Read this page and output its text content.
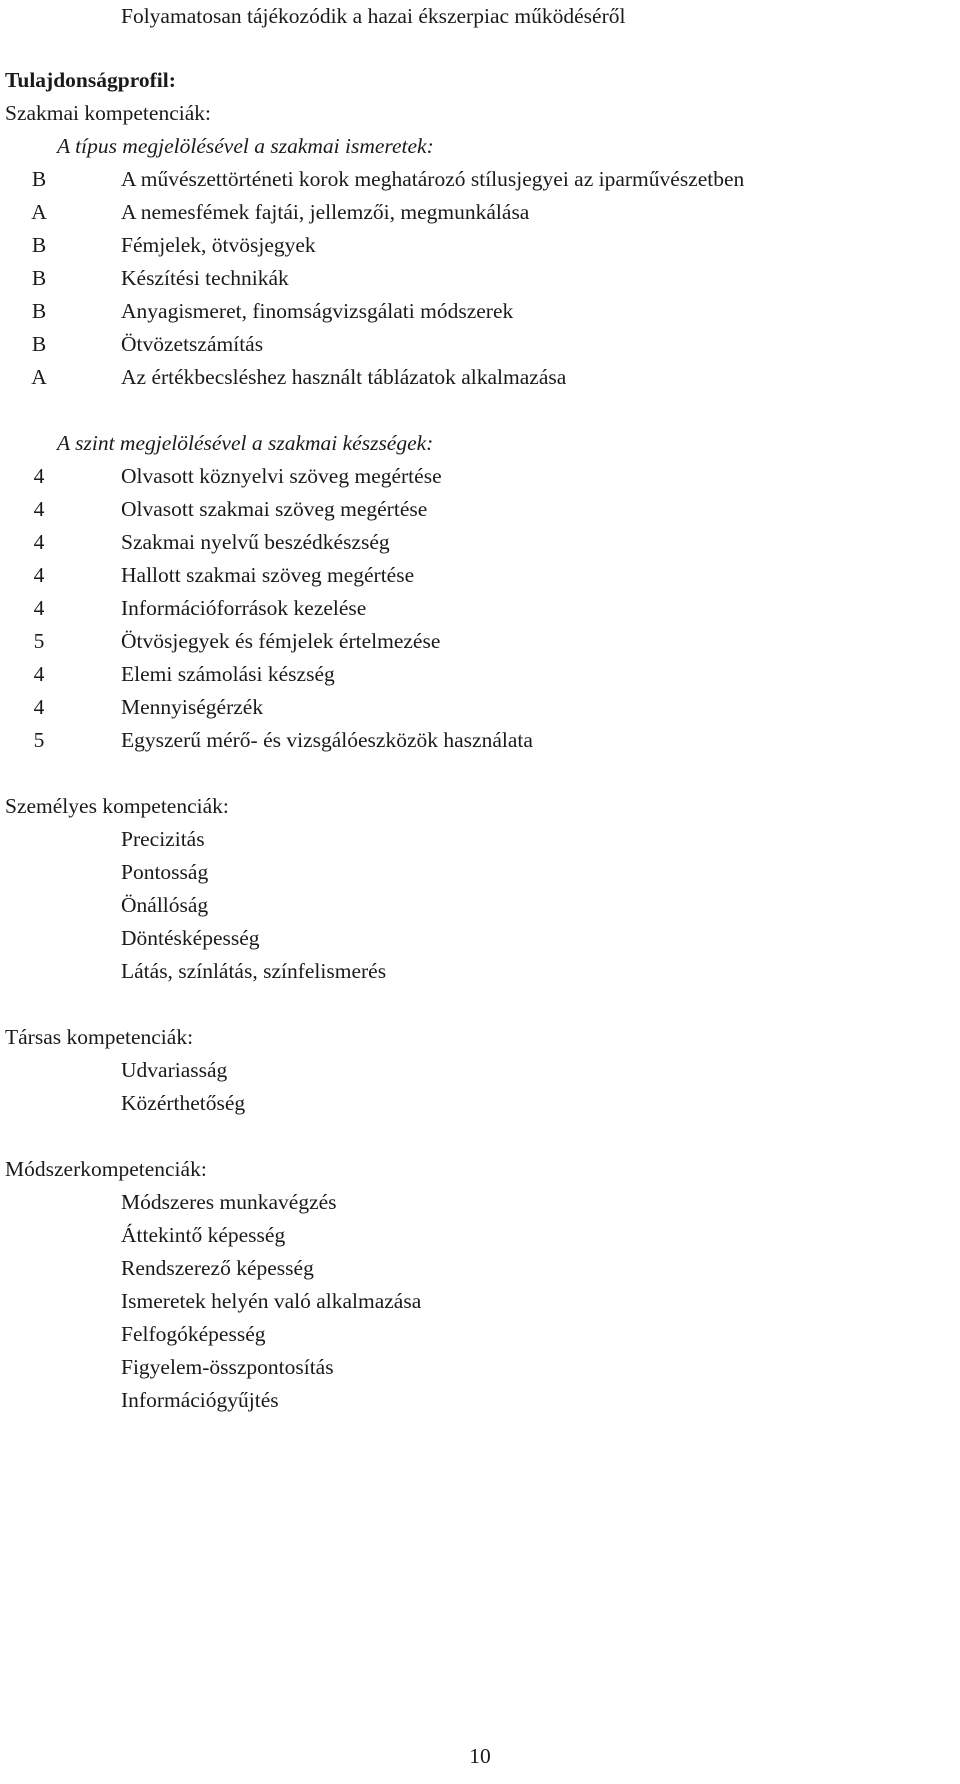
Folyamatosan tájékozódik a hazai ékszerpiac működéséről
Tulajdonságprofil:
Szakmai kompetenciák:
A típus megjelölésével a szakmai ismeretek:
B	A művészettörténeti korok meghatározó stílusjegyei az iparművészetben
A	A nemesfémek fajtái, jellemzői, megmunkálása
B	Fémjelek, ötvösjegyek
B	Készítési technikák
B	Anyagismeret, finomságvizsgálati módszerek
B	Ötvözetszámítás
A	Az értékbecsléshez használt táblázatok alkalmazása
A szint megjelölésével a szakmai készségek:
4	Olvasott köznyelvi szöveg megértése
4	Olvasott szakmai szöveg megértése
4	Szakmai nyelvű beszédkészség
4	Hallott szakmai szöveg megértése
4	Információforrások kezelése
5	Ötvösjegyek és fémjelek értelmezése
4	Elemi számolási készség
4	Mennyiségérzék
5	Egyszerű mérő- és vizsgálóeszközök használata
Személyes kompetenciák:
Precizitás
Pontosság
Önállóság
Döntésképesség
Látás, színlátás, színfelismerés
Társas kompetenciák:
Udvariasság
Közérthetőség
Módszerkompetenciák:
Módszeres munkavégzés
Áttekintő képesség
Rendszerező képesség
Ismeretek helyén való alkalmazása
Felfogóképesség
Figyelem-összpontosítás
Információgyűjtés
10
